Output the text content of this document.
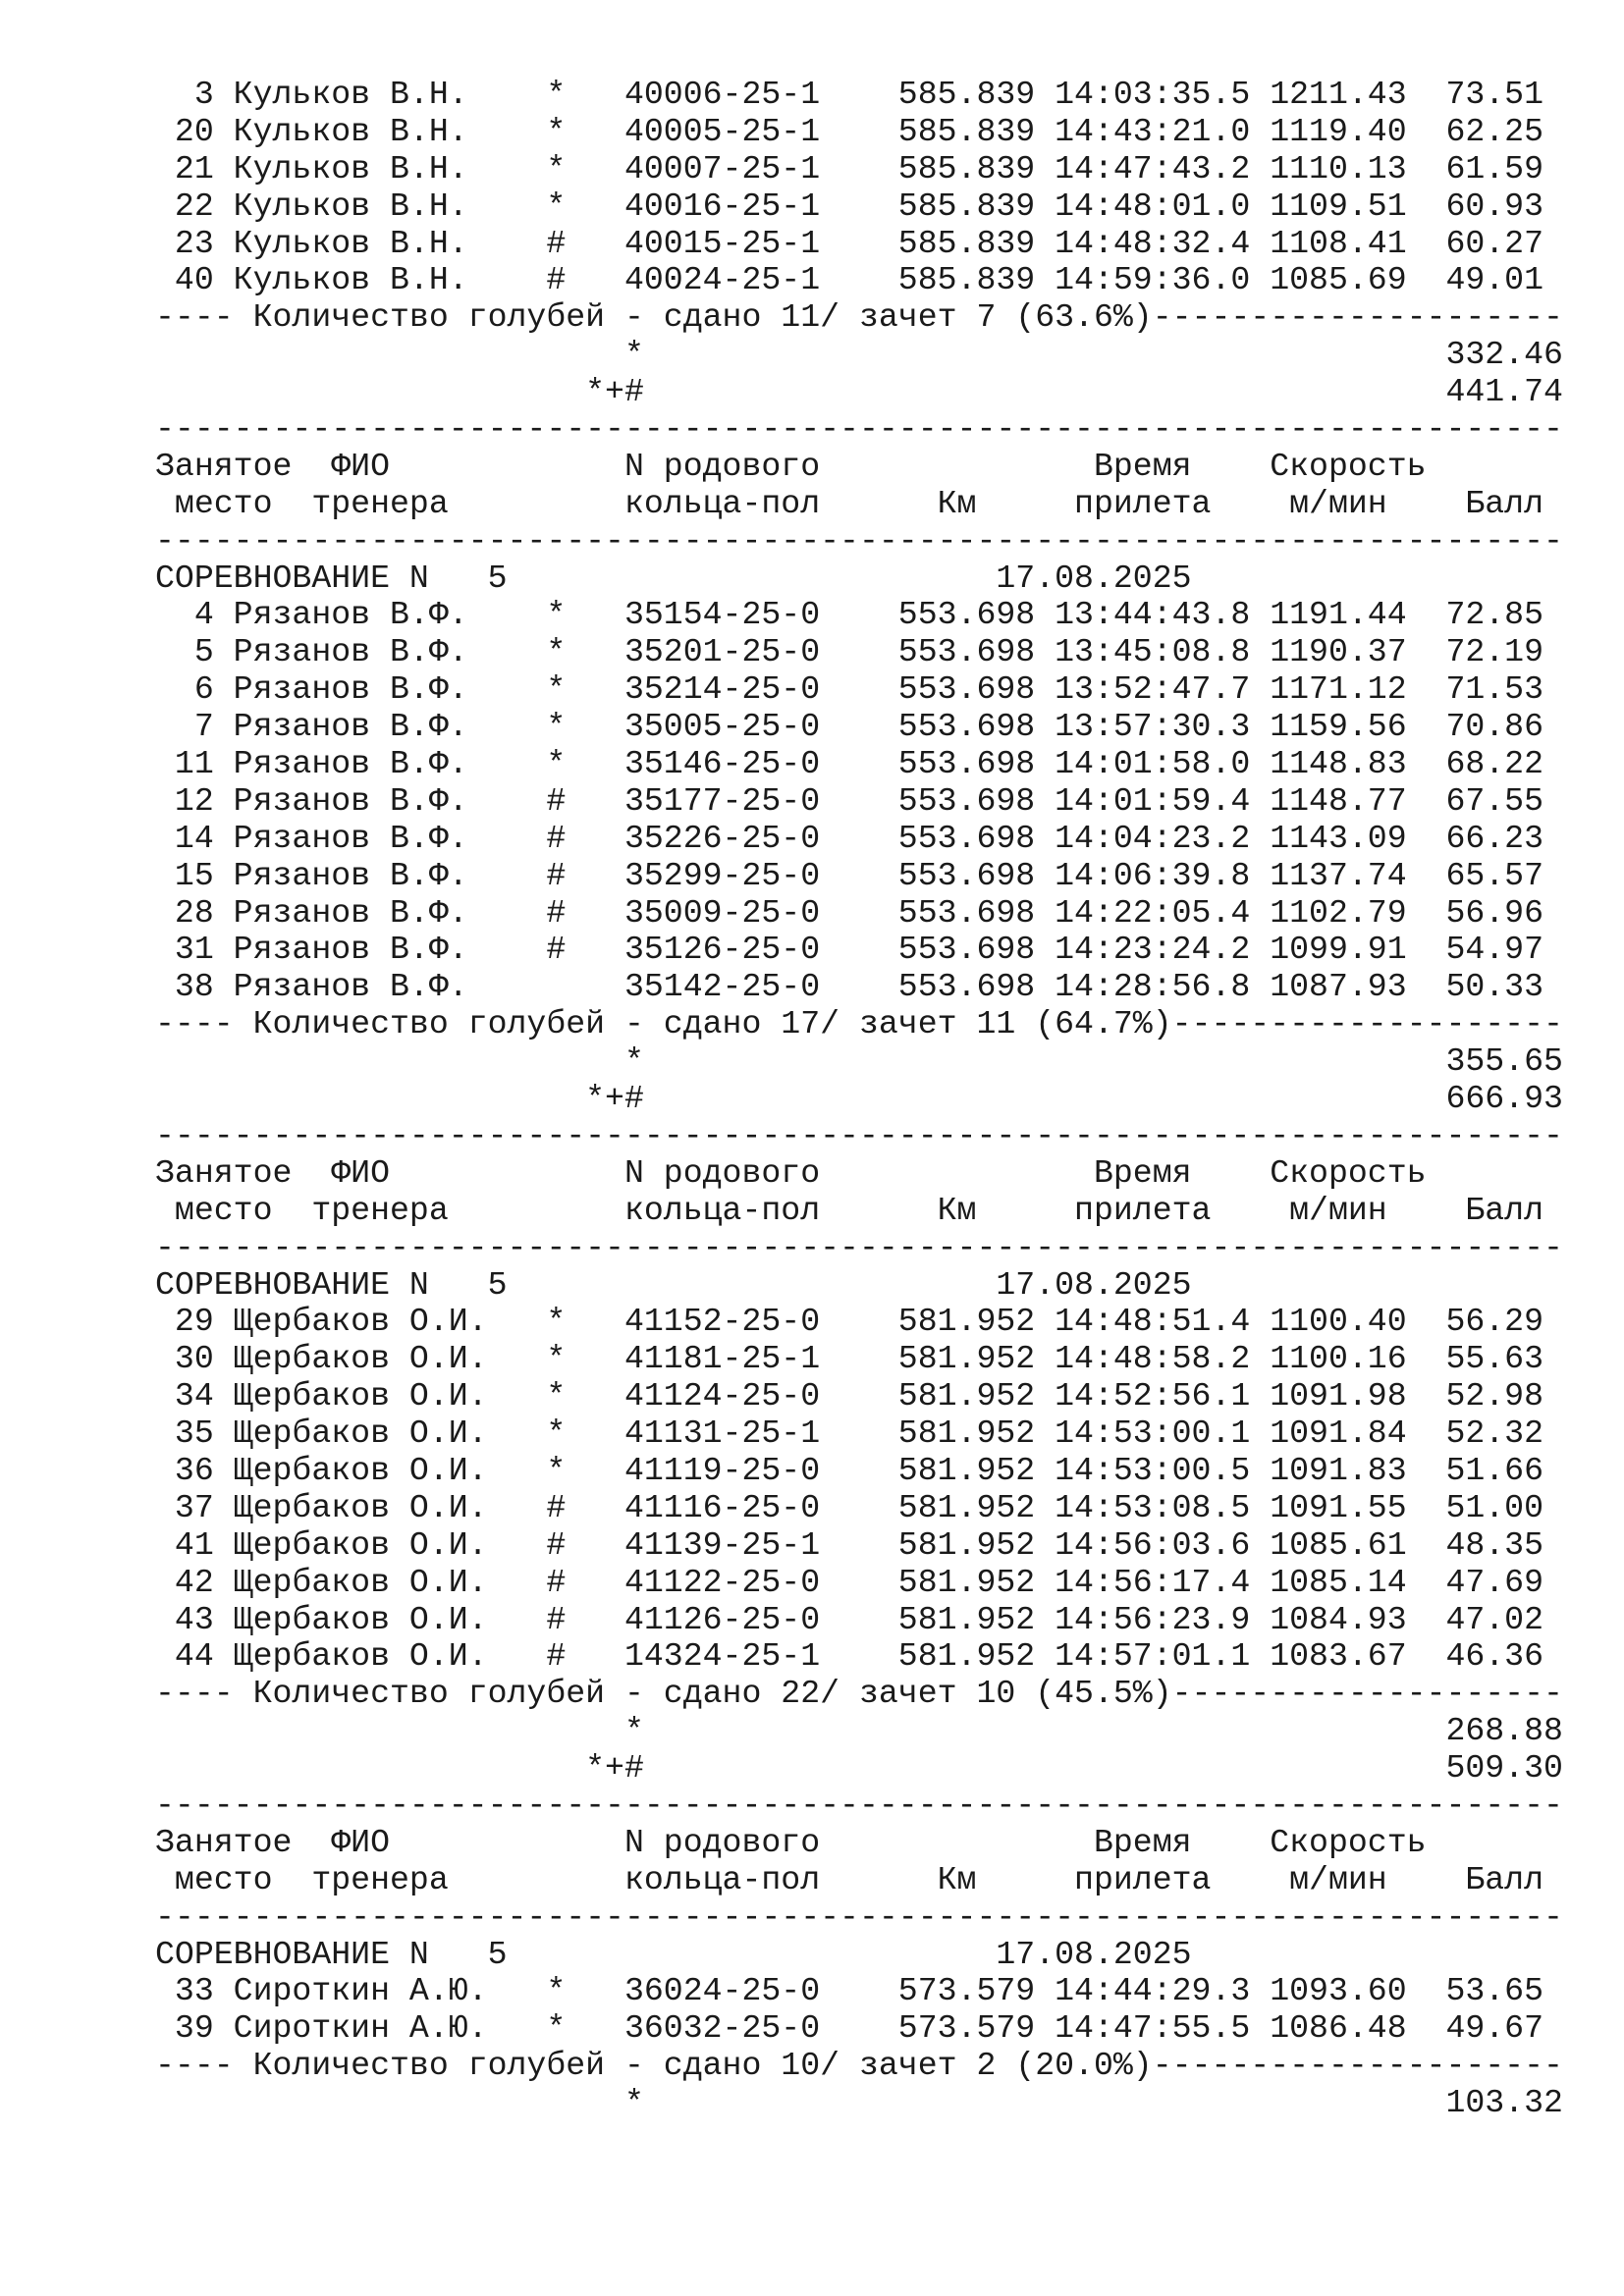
3 Кульков В.Н.    *   40006-25-1    585.839 14:03:35.5 1211.43  73.51
20 Кульков В.Н.    *   40005-25-1    585.839 14:43:21.0 1119.40  62.25
21 Кульков В.Н.    *   40007-25-1    585.839 14:47:43.2 1110.13  61.59
22 Кульков В.Н.    *   40016-25-1    585.839 14:48:01.0 1109.51  60.93
23 Кульков В.Н.    #   40015-25-1    585.839 14:48:32.4 1108.41  60.27
40 Кульков В.Н.    #   40024-25-1    585.839 14:59:36.0 1085.69  49.01
---- Количество голубей - сдано 11/ зачет 7 (63.6%)---------------------
*                                         332.46
*+#                                         441.74
------------------------------------------------------------------------
Занятое  ФИО            N родового              Время    Скорость
место  тренера         кольца-пол      Км     прилета    м/мин    Балл
------------------------------------------------------------------------
СОРЕВНОВАНИЕ N   5                         17.08.2025
4 Рязанов В.Ф.    *   35154-25-0    553.698 13:44:43.8 1191.44  72.85
5 Рязанов В.Ф.    *   35201-25-0    553.698 13:45:08.8 1190.37  72.19
6 Рязанов В.Ф.    *   35214-25-0    553.698 13:52:47.7 1171.12  71.53
7 Рязанов В.Ф.    *   35005-25-0    553.698 13:57:30.3 1159.56  70.86
11 Рязанов В.Ф.    *   35146-25-0    553.698 14:01:58.0 1148.83  68.22
12 Рязанов В.Ф.    #   35177-25-0    553.698 14:01:59.4 1148.77  67.55
14 Рязанов В.Ф.    #   35226-25-0    553.698 14:04:23.2 1143.09  66.23
15 Рязанов В.Ф.    #   35299-25-0    553.698 14:06:39.8 1137.74  65.57
28 Рязанов В.Ф.    #   35009-25-0    553.698 14:22:05.4 1102.79  56.96
31 Рязанов В.Ф.    #   35126-25-0    553.698 14:23:24.2 1099.91  54.97
38 Рязанов В.Ф.        35142-25-0    553.698 14:28:56.8 1087.93  50.33
---- Количество голубей - сдано 17/ зачет 11 (64.7%)--------------------
*                                         355.65
*+#                                         666.93
------------------------------------------------------------------------
Занятое  ФИО            N родового              Время    Скорость
место  тренера         кольца-пол      Км     прилета    м/мин    Балл
------------------------------------------------------------------------
СОРЕВНОВАНИЕ N   5                         17.08.2025
29 Щербаков О.И.   *   41152-25-0    581.952 14:48:51.4 1100.40  56.29
30 Щербаков О.И.   *   41181-25-1    581.952 14:48:58.2 1100.16  55.63
34 Щербаков О.И.   *   41124-25-0    581.952 14:52:56.1 1091.98  52.98
35 Щербаков О.И.   *   41131-25-1    581.952 14:53:00.1 1091.84  52.32
36 Щербаков О.И.   *   41119-25-0    581.952 14:53:00.5 1091.83  51.66
37 Щербаков О.И.   #   41116-25-0    581.952 14:53:08.5 1091.55  51.00
41 Щербаков О.И.   #   41139-25-1    581.952 14:56:03.6 1085.61  48.35
42 Щербаков О.И.   #   41122-25-0    581.952 14:56:17.4 1085.14  47.69
43 Щербаков О.И.   #   41126-25-0    581.952 14:56:23.9 1084.93  47.02
44 Щербаков О.И.   #   14324-25-1    581.952 14:57:01.1 1083.67  46.36
---- Количество голубей - сдано 22/ зачет 10 (45.5%)--------------------
*                                         268.88
*+#                                         509.30
------------------------------------------------------------------------
Занятое  ФИО            N родового              Время    Скорость
место  тренера         кольца-пол      Км     прилета    м/мин    Балл
------------------------------------------------------------------------
СОРЕВНОВАНИЕ N   5                         17.08.2025
33 Сироткин А.Ю.   *   36024-25-0    573.579 14:44:29.3 1093.60  53.65
39 Сироткин А.Ю.   *   36032-25-0    573.579 14:47:55.5 1086.48  49.67
---- Количество голубей - сдано 10/ зачет 2 (20.0%)---------------------
*                                         103.32
